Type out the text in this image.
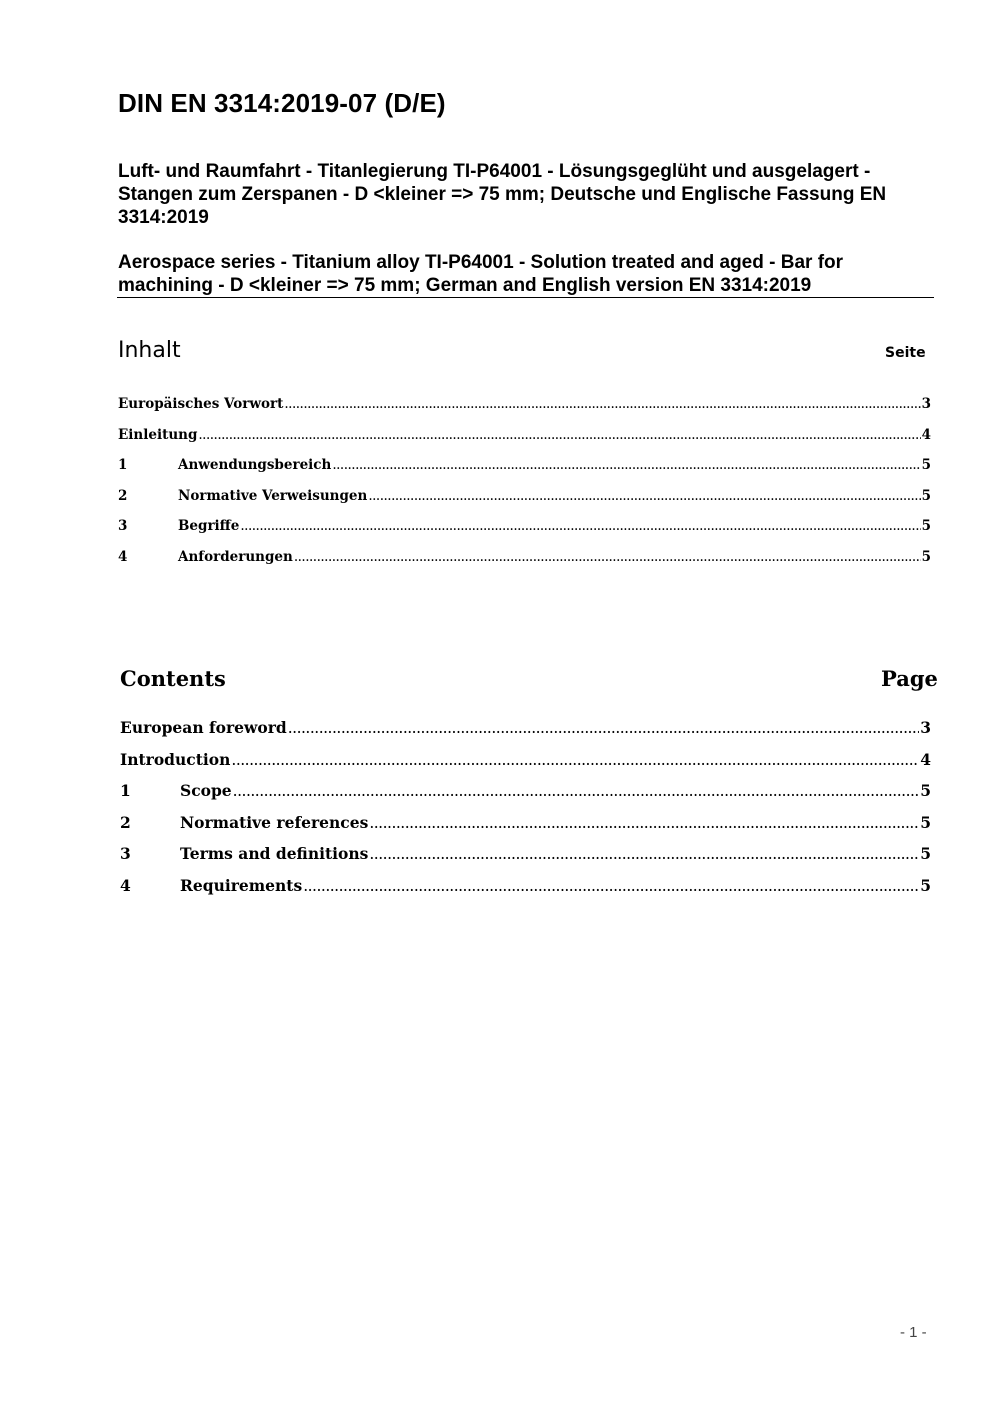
DIN EN 3314:2019-07 (D/E)
Luft- und Raumfahrt - Titanlegierung TI-P64001 - Lösungsgeglüht und ausgelagert - Stangen zum Zerspanen - D <kleiner => 75 mm; Deutsche und Englische Fassung EN 3314:2019
Aerospace series - Titanium alloy TI-P64001 - Solution treated and aged - Bar for machining - D <kleiner => 75 mm; German and English version EN 3314:2019
Inhalt	Seite
Europäisches Vorwort .....	3
Einleitung .....	4
1	Anwendungsbereich .....	5
2	Normative Verweisungen .....	5
3	Begriffe .....	5
4	Anforderungen .....	5
Contents	Page
European foreword .....	3
Introduction .....	4
1	Scope .....	5
2	Normative references .....	5
3	Terms and definitions .....	5
4	Requirements .....	5
- 1 -
